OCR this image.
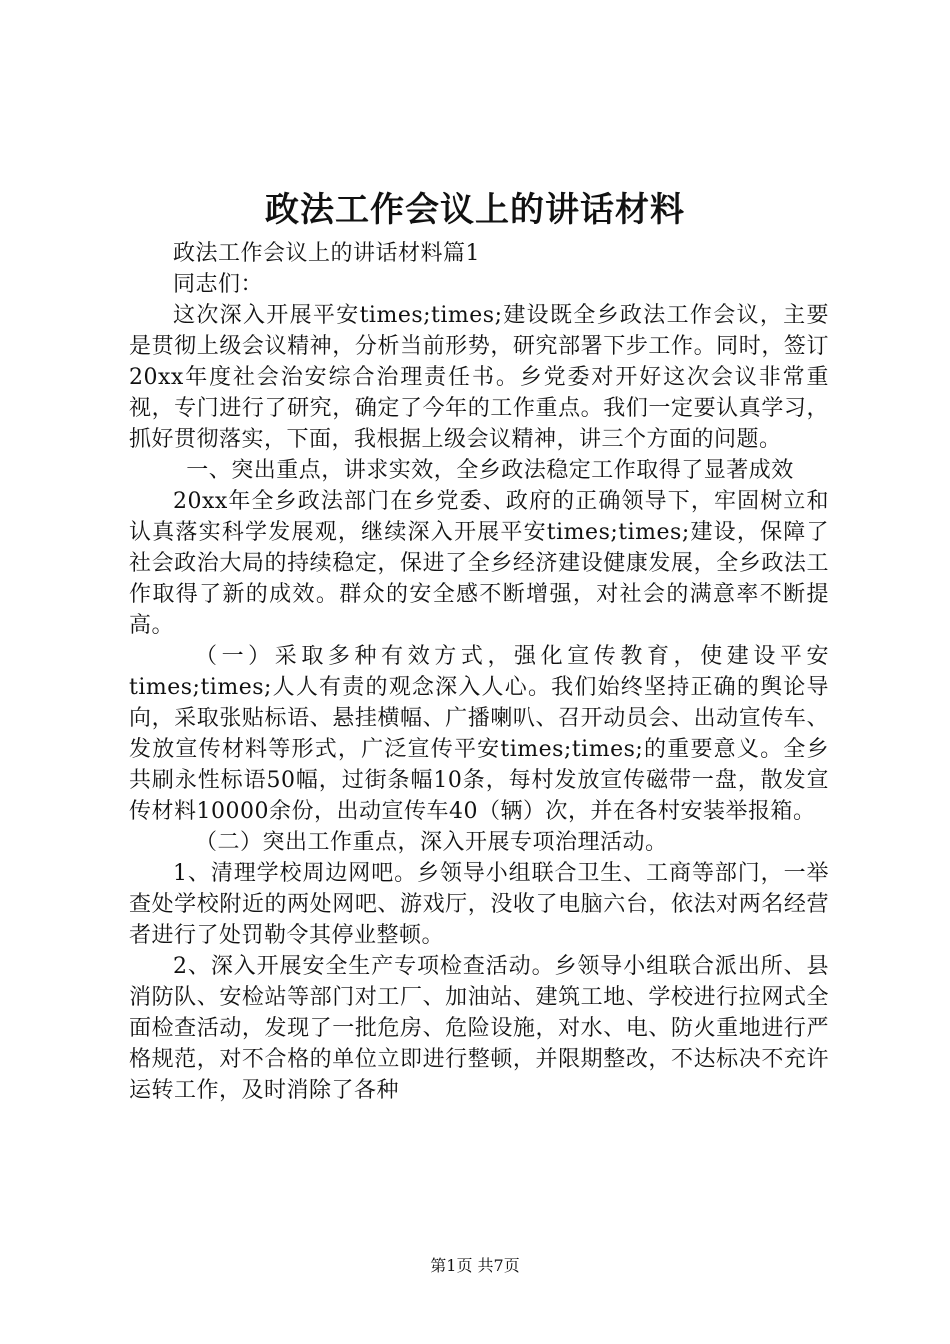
政法工作会议上的讲话材料

政法工作会议上的讲话材料篇1

同志们：

这次深入开展平安times;times;建设既全乡政法工作会议，主要是贯彻上级会议精神，分析当前形势，研究部署下步工作。同时，签订20xx年度社会治安综合治理责任书。乡党委对开好这次会议非常重视，专门进行了研究，确定了今年的工作重点。我们一定要认真学习，抓好贯彻落实，下面，我根据上级会议精神，讲三个方面的问题。

一、突出重点，讲求实效，全乡政法稳定工作取得了显著成效

20xx年全乡政法部门在乡党委、政府的正确领导下，牢固树立和认真落实科学发展观，继续深入开展平安times;times;建设，保障了社会政治大局的持续稳定，保进了全乡经济建设健康发展，全乡政法工作取得了新的成效。群众的安全感不断增强，对社会的满意率不断提高。

（一）采取多种有效方式，强化宣传教育，使建设平安times;times;人人有责的观念深入人心。我们始终坚持正确的舆论导向，采取张贴标语、悬挂横幅、广播喇叭、召开动员会、出动宣传车、发放宣传材料等形式，广泛宣传平安times;times;的重要意义。全乡共刷永性标语50幅，过街条幅10条，每村发放宣传磁带一盘，散发宣传材料10000余份，出动宣传车40（辆）次，并在各村安装举报箱。

（二）突出工作重点，深入开展专项治理活动。

1、清理学校周边网吧。乡领导小组联合卫生、工商等部门，一举查处学校附近的两处网吧、游戏厅，没收了电脑六台，依法对两名经营者进行了处罚勒令其停业整顿。

2、深入开展安全生产专项检查活动。乡领导小组联合派出所、县消防队、安检站等部门对工厂、加油站、建筑工地、学校进行拉网式全面检查活动，发现了一批危房、危险设施，对水、电、防火重地进行严格规范，对不合格的单位立即进行整顿，并限期整改，不达标决不充许运转工作，及时消除了各种

第1页 共7页
